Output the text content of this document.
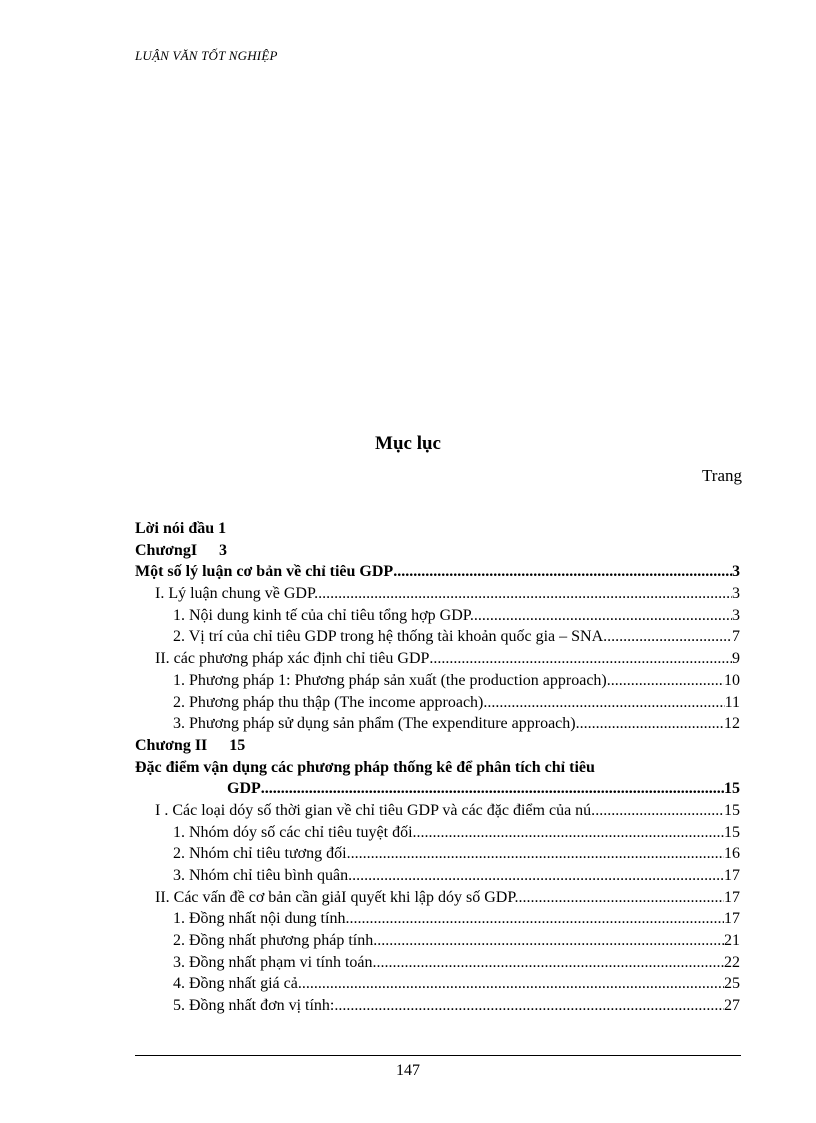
LUẬN VĂN TỐT NGHIỆP
Mục lục
Trang
Lời nói đầu 1
ChươngI 3
Một số lý luận cơ bản về chỉ tiêu GDP .....	3
I. Lý luận chung về GDP. .....	3
1. Nội dung kinh tế của chỉ tiêu tổng hợp GDP. .....	3
2. Vị trí của chỉ tiêu GDP trong hệ thống tài khoản quốc gia – SNA. .....	7
II. các phương pháp xác định chỉ tiêu GDP .....	9
1. Phương pháp 1: Phương pháp sản xuất (the production approach) .....	10
2. Phương pháp thu thập (The income approach). .....	11
3. Phương pháp sử dụng sản phẩm (The expenditure approach). .....	12
Chương II 15
Đặc điểm vận dụng các phương pháp thống kê để phân tích chỉ tiêu
GDP .....	15
I . Các loại dóy số thời gian về chỉ tiêu GDP và các đặc điểm của nú. .....	15
1. Nhóm dóy số các chỉ tiêu tuyệt đối. .....	15
2. Nhóm chỉ tiêu tương đối. .....	16
3. Nhóm chỉ tiêu bình quân. .....	17
II. Các vấn đề cơ bản cần giảI quyết khi lập dóy số GDP. .....	17
1. Đồng nhất nội dung tính. .....	17
2. Đồng nhất phương pháp tính. .....	21
3. Đồng nhất phạm vi tính toán. .....	22
4. Đồng nhất giá cả. .....	25
5. Đồng nhất đơn vị tính: .....	27
147
